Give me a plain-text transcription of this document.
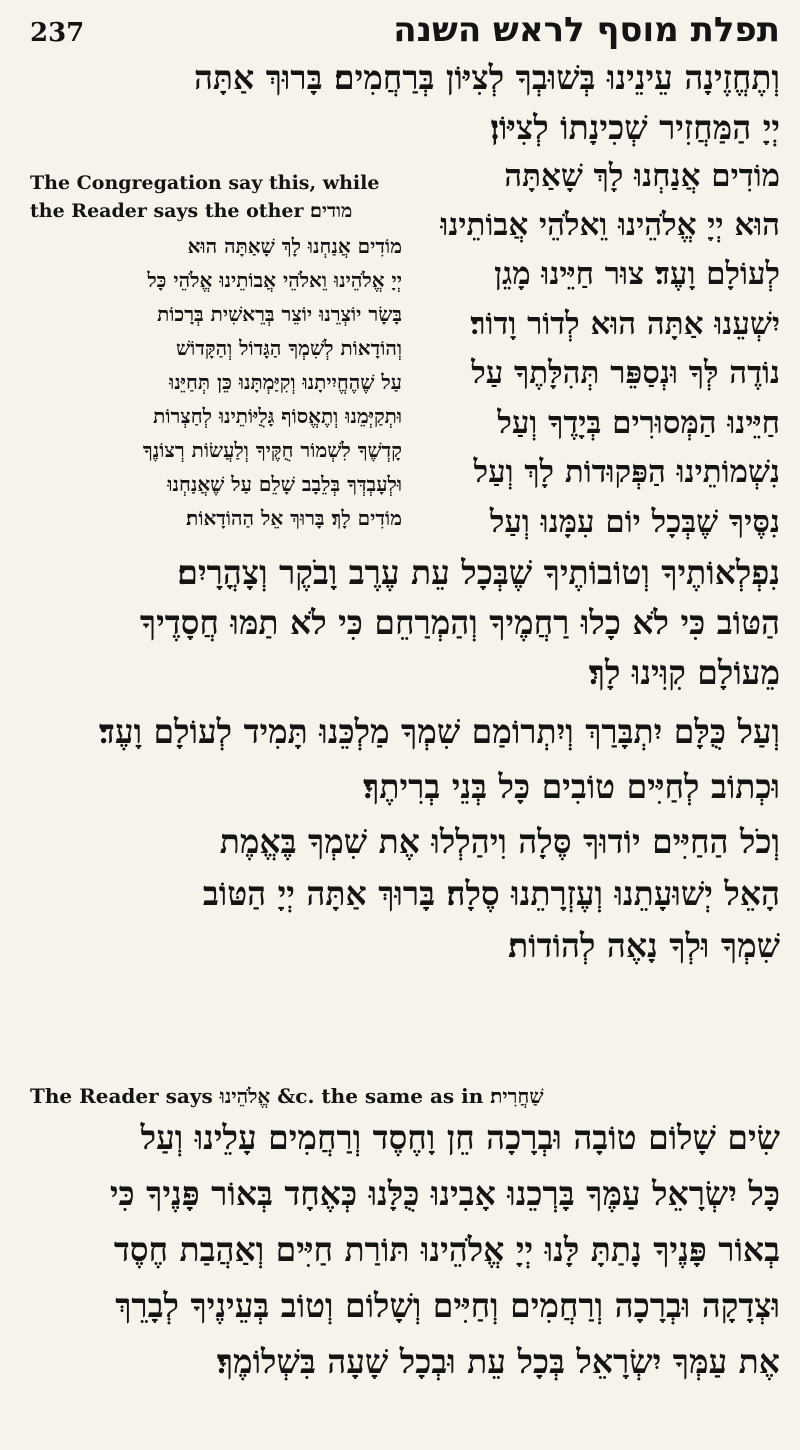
237	תפלת מוסף לראש השנה
וְתֶחֱזֶינָה עֵינֵינוּ בְּשׁוּבְךָ לְצִיּוֹן בְּרַחֲמִים׃ בָּרוּךְ אַתָּה
יְיָ הַמַּחֲזִיר שְׁכִינָתוֹ לְצִיּוֹן׃
מוֹדִים אֲנַחְנוּ לָךְ שָׁאַתָּה
הוּא יְיָ אֱלֹהֵינוּ וֵאלֹהֵי אֲבוֹתֵינוּ
לְעוֹלָם וָעֶד׃ צוּר חַיֵּינוּ מָגֵן
יִשְׁעֵנוּ אַתָּה הוּא לְדוֹר וָדוֹר׃
נוֹדֶה לְּךָ וּנְסַפֵּר תְּהִלָּתֶךָ עַל
חַיֵּינוּ הַמְּסוּרִים בְּיָדֶךָ וְעַל
נִשְׁמוֹתֵינוּ הַפְּקוּדוֹת לָךְ וְעַל
נִסֶּיךָ שֶׁבְּכָל יוֹם עִמָּנוּ וְעַל
The Congregation say this, while
the Reader says the other מודים׃
מוֹדִים אֲנַחְנוּ לָךְ שָׁאַתָּה הוּא
יְיָ אֱלֹהֵינוּ וֵאלֹהֵי אֲבוֹתֵינוּ אֱלֹהֵי כָּל
בָּשָׂר יוֹצְרֵנוּ יוֹצֵר בְּרֵאשִׁית בְּרָכוֹת
וְהוֹדָאוֹת לְשִׁמְךָ הַגָּדוֹל וְהַקָּדוֹשׁ
עַל שֶׁהֶחֱיִיתָנוּ וְקִיַּמְתָּנוּ כֵּן תְּחַיֵּנוּ
וּתְקַיְּמֵנוּ וְתֶאֱסוֹף גָּלֻיּוֹתֵינוּ לְחַצְרוֹת
קָדְשֶׁךָ לִשְׁמוֹר חֻקֶּיךָ וְלַעֲשׂוֹת רְצוֹנֶךָ
וּלְעָבְדְּךָ בְּלֵבָב שָׁלֵם עַל שֶׁאֲנַחְנוּ
מוֹדִים לָךְ׃ בָּרוּךְ אֵל הַהוֹדָאוֹת׃
נִפְלְאוֹתֶיךָ וְטוֹבוֹתֶיךָ שֶׁבְּכָל עֵת עֶרֶב וָבֹקֶר וְצָהֳרָיִם׃
הַטּוֹב כִּי לֹא כָלוּ רַחֲמֶיךָ וְהַמְרַחֵם כִּי לֹא תַמּוּ חֲסָדֶיךָ
מֵעוֹלָם קִוִּינוּ לָךְ׃
וְעַל כֻּלָּם יִתְבָּרַךְ וְיִתְרוֹמַם שִׁמְךָ מַלְכֵּנוּ תָּמִיד לְעוֹלָם וָעֶד׃
וּכְתוֹב לְחַיִּים טוֹבִים כָּל בְּנֵי בְרִיתֶךָ׃
וְכֹל הַחַיִּים יוֹדוּךָ סֶּלָה וִיהַלְלוּ אֶת שִׁמְךָ בֶּאֱמֶת
הָאֵל יְשׁוּעָתֵנוּ וְעֶזְרָתֵנוּ סֶלָה׃ בָּרוּךְ אַתָּה יְיָ הַטּוֹב
שִׁמְךָ וּלְךָ נָאֶה לְהוֹדוֹת׃
The Reader says אֱלֹהֵינוּ &c. the same as in שַׁחֲרִית׃
שִׂים שָׁלוֹם טוֹבָה וּבְרָכָה חֵן וָחֶסֶד וְרַחֲמִים עָלֵינוּ וְעַל
כָּל יִשְׂרָאֵל עַמֶּךָ בָּרְכֵנוּ אָבִינוּ כֻּלָּנוּ כְּאֶחָד בְּאוֹר פָּנֶיךָ כִּי
בְאוֹר פָּנֶיךָ נָתַתָּ לָּנוּ יְיָ אֱלֹהֵינוּ תּוֹרַת חַיִּים וְאַהֲבַת חֶסֶד
וּצְדָקָה וּבְרָכָה וְרַחֲמִים וְחַיִּים וְשָׁלוֹם וְטוֹב בְּעֵינֶיךָ לְבָרֵךְ
אֶת עַמְּךָ יִשְׂרָאֵל בְּכָל עֵת וּבְכָל שָׁעָה בִּשְׁלוֹמֶךָ׃
